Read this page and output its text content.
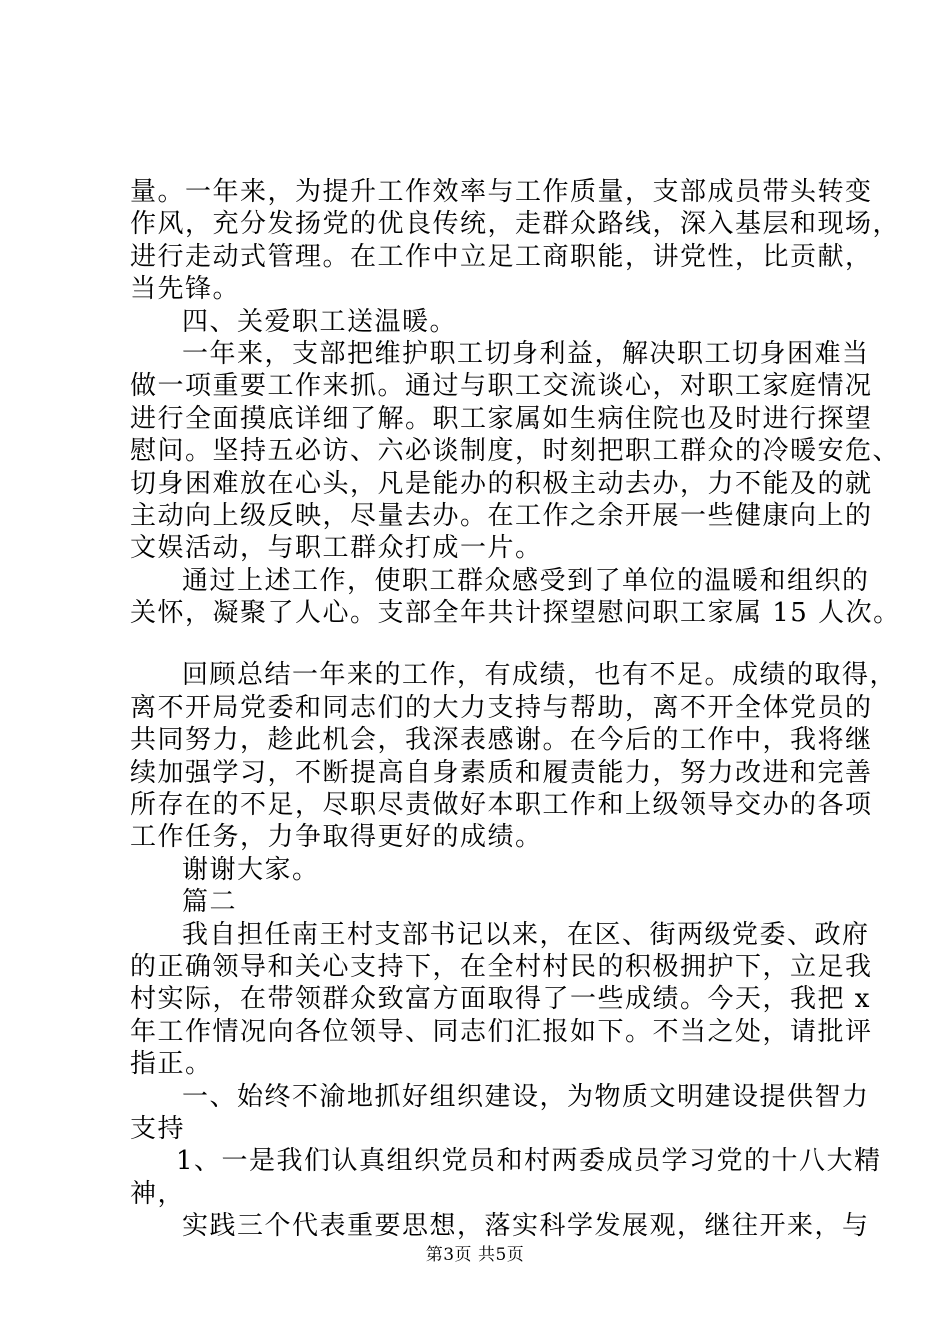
量。一年来，为提升工作效率与工作质量，支部成员带头转变
作风，充分发扬党的优良传统，走群众路线，深入基层和现场，
进行走动式管理。在工作中立足工商职能，讲党性，比贡献，
当先锋。
四、关爱职工送温暖。
一年来，支部把维护职工切身利益，解决职工切身困难当
做一项重要工作来抓。通过与职工交流谈心，对职工家庭情况
进行全面摸底详细了解。职工家属如生病住院也及时进行探望
慰问。坚持五必访、六必谈制度，时刻把职工群众的冷暖安危、
切身困难放在心头，凡是能办的积极主动去办，力不能及的就
主动向上级反映，尽量去办。在工作之余开展一些健康向上的
文娱活动，与职工群众打成一片。
通过上述工作，使职工群众感受到了单位的温暖和组织的
关怀，凝聚了人心。支部全年共计探望慰问职工家属 15 人次。
回顾总结一年来的工作，有成绩，也有不足。成绩的取得，
离不开局党委和同志们的大力支持与帮助，离不开全体党员的
共同努力，趁此机会，我深表感谢。在今后的工作中，我将继
续加强学习，不断提高自身素质和履责能力，努力改进和完善
所存在的不足，尽职尽责做好本职工作和上级领导交办的各项
工作任务，力争取得更好的成绩。
谢谢大家。
篇二
我自担任南王村支部书记以来，在区、街两级党委、政府
的正确领导和关心支持下，在全村村民的积极拥护下，立足我
村实际，在带领群众致富方面取得了一些成绩。今天，我把 x
年工作情况向各位领导、同志们汇报如下。不当之处，请批评
指正。
一、始终不渝地抓好组织建设，为物质文明建设提供智力
支持
1、一是我们认真组织党员和村两委成员学习党的十八大精
神，
实践三个代表重要思想，落实科学发展观，继往开来，与
第3页 共5页
